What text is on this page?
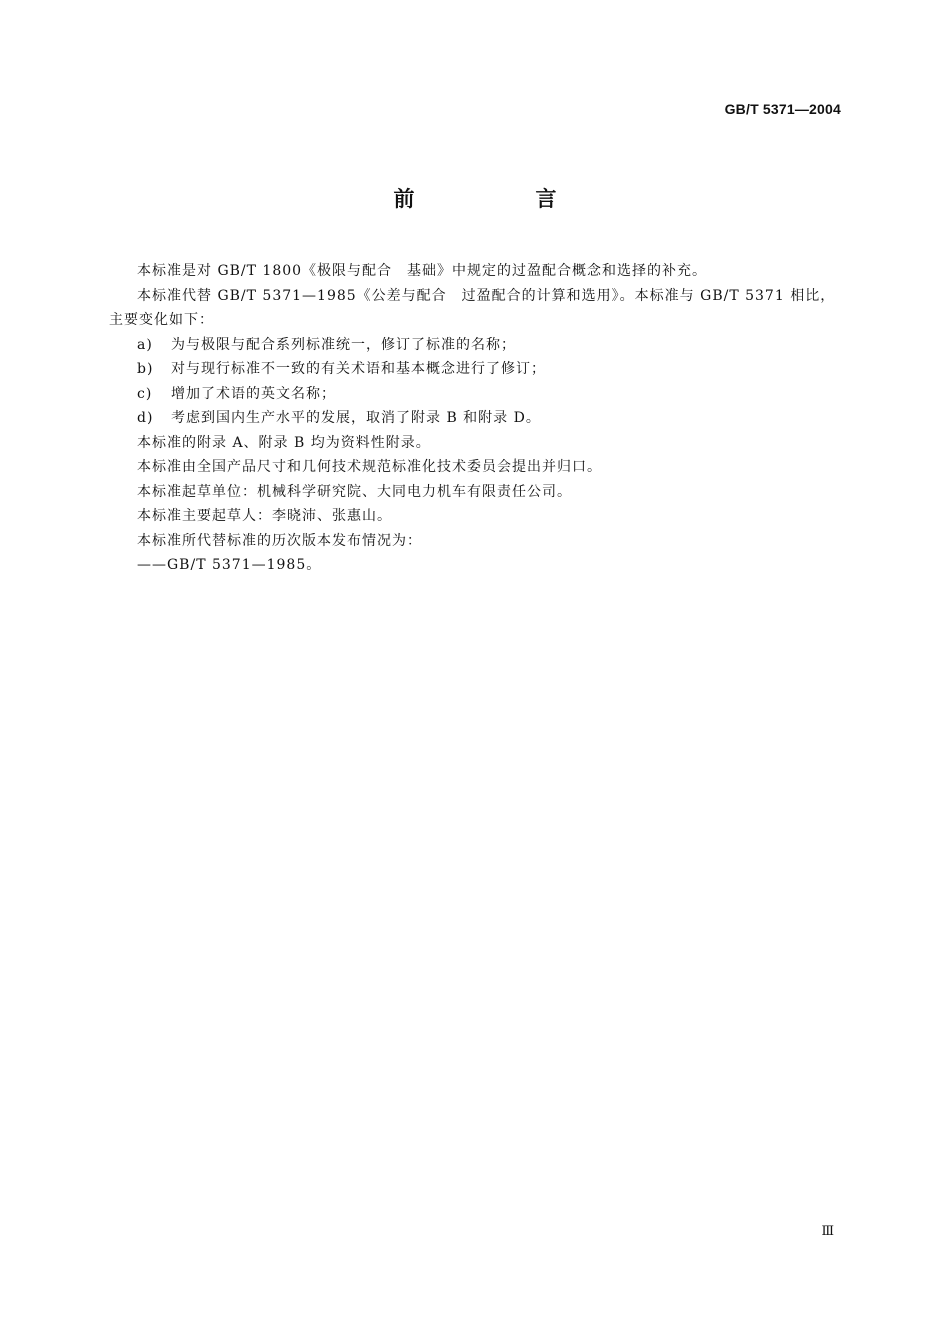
GB/T 5371—2004
前　言

本标准是对 GB/T 1800《极限与配合　基础》中规定的过盈配合概念和选择的补充。

本标准代替 GB/T 5371—1985《公差与配合　过盈配合的计算和选用》。本标准与 GB/T 5371 相比，主要变化如下：

a) 为与极限与配合系列标准统一，修订了标准的名称；

b) 对与现行标准不一致的有关术语和基本概念进行了修订；

c) 增加了术语的英文名称；

d) 考虑到国内生产水平的发展，取消了附录 B 和附录 D。

本标准的附录 A、附录 B 均为资料性附录。

本标准由全国产品尺寸和几何技术规范标准化技术委员会提出并归口。

本标准起草单位：机械科学研究院、大同电力机车有限责任公司。

本标准主要起草人：李晓沛、张惠山。

本标准所代替标准的历次版本发布情况为：

——GB/T 5371—1985。

Ⅲ
